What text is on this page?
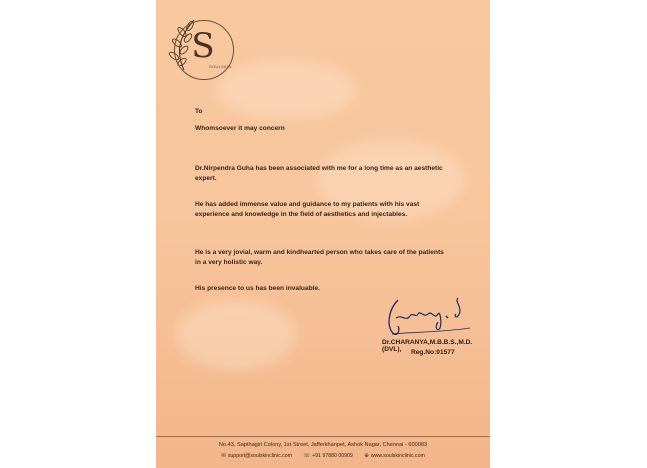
S
SOULSKIN
To
Whomsoever it may concern
Dr.Nirpendra Guha has been associated with me for a long time as an aesthetic expert.
He has added immense value and guidance to my patients with his vast experience and knowledge in the field of aesthetics and injectables.
He is a very jovial, warm and kindhearted person who takes care of the patients in a very holistic way.
His presence to us has been invaluable.
Dr.CHARANYA,M.B.B.S.,M.D. (DVL),	Reg.No:91577
No.43, Sapthagiri Colony, 1st Street, Jafferkhanpet, Ashok Nagar, Chennai - 600083
✉ support@soulskinclinic.com ☏ +91 97880 00909 ⊕ www.soulskinclinic.com
